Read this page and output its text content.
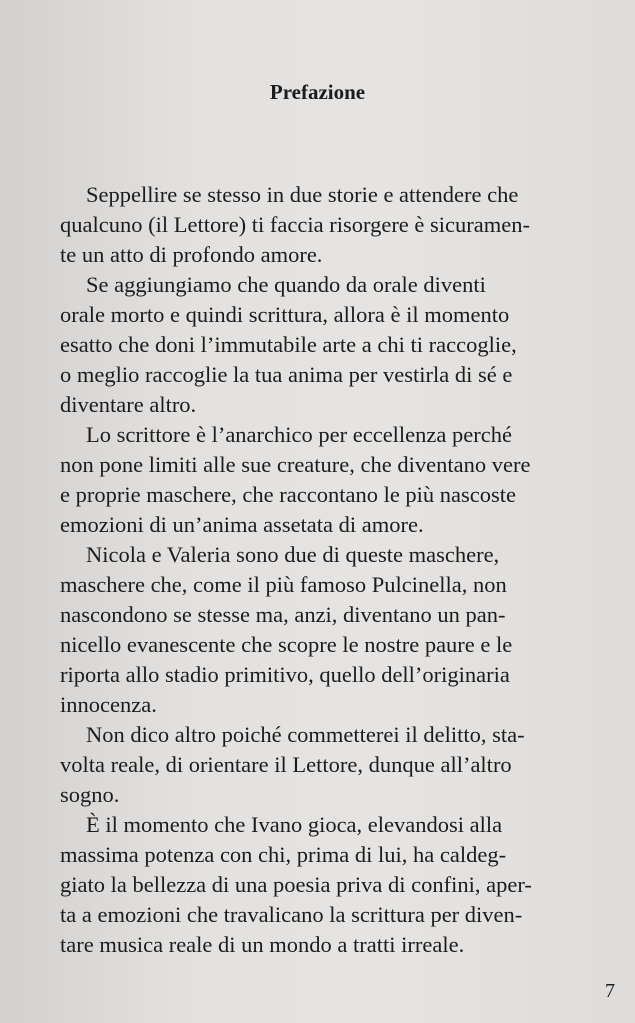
Prefazione
Seppellire se stesso in due storie e attendere che
qualcuno (il Lettore) ti faccia risorgere è sicuramen-
te un atto di profondo amore.
Se aggiungiamo che quando da orale diventi
orale morto e quindi scrittura, allora è il momento
esatto che doni l’immutabile arte a chi ti raccoglie,
o meglio raccoglie la tua anima per vestirla di sé e
diventare altro.
Lo scrittore è l’anarchico per eccellenza perché
non pone limiti alle sue creature, che diventano vere
e proprie maschere, che raccontano le più nascoste
emozioni di un’anima assetata di amore.
Nicola e Valeria sono due di queste maschere,
maschere che, come il più famoso Pulcinella, non
nascondono se stesse ma, anzi, diventano un pan-
nicello evanescente che scopre le nostre paure e le
riporta allo stadio primitivo, quello dell’originaria
innocenza.
Non dico altro poiché commetterei il delitto, sta-
volta reale, di orientare il Lettore, dunque all’altro
sogno.
È il momento che Ivano gioca, elevandosi alla
massima potenza con chi, prima di lui, ha caldeg-
giato la bellezza di una poesia priva di confini, aper-
ta a emozioni che travalicano la scrittura per diven-
tare musica reale di un mondo a tratti irreale.
7
